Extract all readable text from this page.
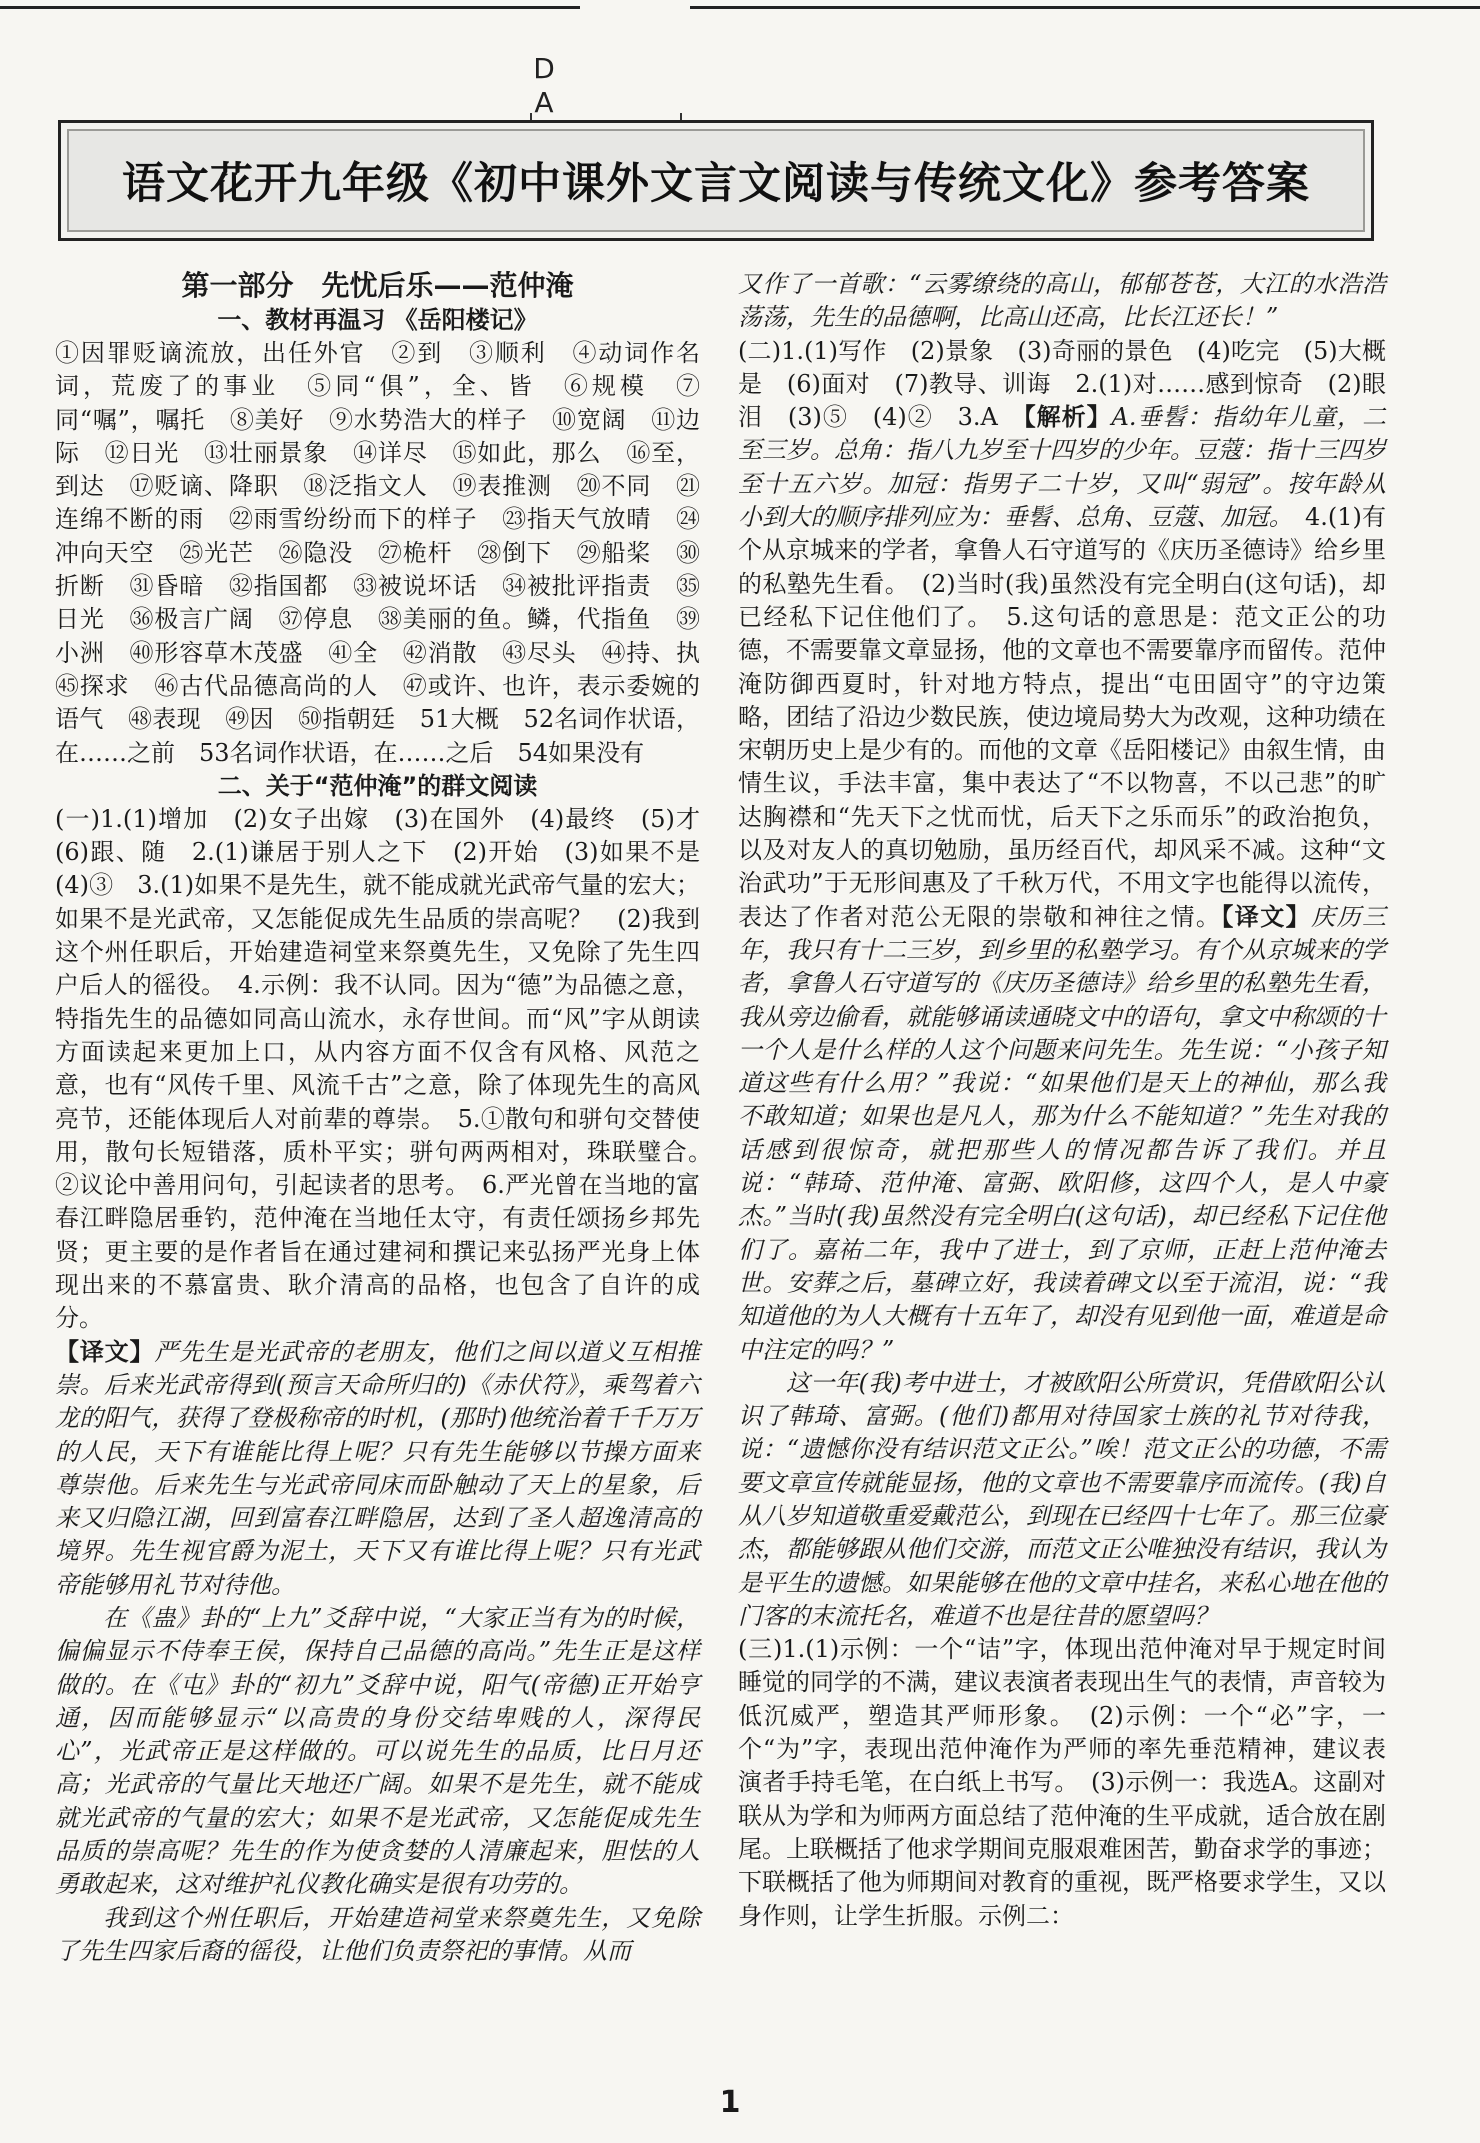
D
A
语文花开九年级《初中课外文言文阅读与传统文化》参考答案

第一部分　先忧后乐——范仲淹

一、教材再温习 《岳阳楼记》

①因罪贬谪流放，出任外官　②到　③顺利　④动词作名词，荒废了的事业　⑤同“俱”，全、皆　⑥规模　⑦同“嘱”，嘱托　⑧美好　⑨水势浩大的样子　⑩宽阔　⑪边际　⑫日光　⑬壮丽景象　⑭详尽　⑮如此，那么　⑯至，到达　⑰贬谪、降职　⑱泛指文人　⑲表推测　⑳不同　㉑连绵不断的雨　㉒雨雪纷纷而下的样子　㉓指天气放晴　㉔冲向天空　㉕光芒　㉖隐没　㉗桅杆　㉘倒下　㉙船桨　㉚折断　㉛昏暗　㉜指国都　㉝被说坏话　㉞被批评指责　㉟日光　㊱极言广阔　㊲停息　㊳美丽的鱼。鳞，代指鱼　㊴小洲　㊵形容草木茂盛　㊶全　㊷消散　㊸尽头　㊹持、执　㊺探求　㊻古代品德高尚的人　㊼或许、也许，表示委婉的语气　㊽表现　㊾因　㊿指朝廷　51大概　52名词作状语，在……之前　53名词作状语，在……之后　54如果没有

二、关于“范仲淹”的群文阅读

(一)1.(1)增加　(2)女子出嫁　(3)在国外　(4)最终　(5)才　(6)跟、随　2.(1)谦居于别人之下　(2)开始　(3)如果不是　(4)③　3.(1)如果不是先生，就不能成就光武帝气量的宏大；如果不是光武帝，又怎能促成先生品质的崇高呢？　(2)我到这个州任职后，开始建造祠堂来祭奠先生，又免除了先生四户后人的徭役。　4.示例：我不认同。因为“德”为品德之意，特指先生的品德如同高山流水，永存世间。而“风”字从朗读方面读起来更加上口，从内容方面不仅含有风格、风范之意，也有“风传千里、风流千古”之意，除了体现先生的高风亮节，还能体现后人对前辈的尊崇。　5.①散句和骈句交替使用，散句长短错落，质朴平实；骈句两两相对，珠联璧合。　②议论中善用问句，引起读者的思考。　6.严光曾在当地的富春江畔隐居垂钓，范仲淹在当地任太守，有责任颂扬乡邦先贤；更主要的是作者旨在通过建祠和撰记来弘扬严光身上体现出来的不慕富贵、耿介清高的品格，也包含了自许的成分。

【译文】严先生是光武帝的老朋友，他们之间以道义互相推崇。后来光武帝得到(预言天命所归的)《赤伏符》，乘驾着六龙的阳气，获得了登极称帝的时机，(那时)他统治着千千万万的人民，天下有谁能比得上呢？只有先生能够以节操方面来尊崇他。后来先生与光武帝同床而卧触动了天上的星象，后来又归隐江湖，回到富春江畔隐居，达到了圣人超逸清高的境界。先生视官爵为泥土，天下又有谁比得上呢？只有光武帝能够用礼节对待他。

在《蛊》卦的“上九”爻辞中说，“大家正当有为的时候，偏偏显示不侍奉王侯，保持自己品德的高尚。”先生正是这样做的。在《屯》卦的“初九”爻辞中说，阳气(帝德)正开始亨通，因而能够显示“以高贵的身份交结卑贱的人，深得民心”，光武帝正是这样做的。可以说先生的品质，比日月还高；光武帝的气量比天地还广阔。如果不是先生，就不能成就光武帝的气量的宏大；如果不是光武帝，又怎能促成先生品质的崇高呢？先生的作为使贪婪的人清廉起来，胆怯的人勇敢起来，这对维护礼仪教化确实是很有功劳的。

我到这个州任职后，开始建造祠堂来祭奠先生，又免除了先生四家后裔的徭役，让他们负责祭祀的事情。从而

又作了一首歌：“云雾缭绕的高山，郁郁苍苍，大江的水浩浩荡荡，先生的品德啊，比高山还高，比长江还长！”

(二)1.(1)写作　(2)景象　(3)奇丽的景色　(4)吃完　(5)大概是　(6)面对　(7)教导、训诲　2.(1)对……感到惊奇　(2)眼泪　(3)⑤　(4)②　3.A　【解析】A.垂髫：指幼年儿童，二至三岁。总角：指八九岁至十四岁的少年。豆蔻：指十三四岁至十五六岁。加冠：指男子二十岁，又叫“弱冠”。按年龄从小到大的顺序排列应为：垂髫、总角、豆蔻、加冠。　4.(1)有个从京城来的学者，拿鲁人石守道写的《庆历圣德诗》给乡里的私塾先生看。　(2)当时(我)虽然没有完全明白(这句话)，却已经私下记住他们了。　5.这句话的意思是：范文正公的功德，不需要靠文章显扬，他的文章也不需要靠序而留传。范仲淹防御西夏时，针对地方特点，提出“屯田固守”的守边策略，团结了沿边少数民族，使边境局势大为改观，这种功绩在宋朝历史上是少有的。而他的文章《岳阳楼记》由叙生情，由情生议，手法丰富，集中表达了“不以物喜，不以己悲”的旷达胸襟和“先天下之忧而忧，后天下之乐而乐”的政治抱负，以及对友人的真切勉励，虽历经百代，却风采不减。这种“文治武功”于无形间惠及了千秋万代，不用文字也能得以流传，表达了作者对范公无限的崇敬和神往之情。【译文】庆历三年，我只有十二三岁，到乡里的私塾学习。有个从京城来的学者，拿鲁人石守道写的《庆历圣德诗》给乡里的私塾先生看，我从旁边偷看，就能够诵读通晓文中的语句，拿文中称颂的十一个人是什么样的人这个问题来问先生。先生说：“小孩子知道这些有什么用？”我说：“如果他们是天上的神仙，那么我不敢知道；如果也是凡人，那为什么不能知道？”先生对我的话感到很惊奇，就把那些人的情况都告诉了我们。并且说：“韩琦、范仲淹、富弼、欧阳修，这四个人，是人中豪杰。”当时(我)虽然没有完全明白(这句话)，却已经私下记住他们了。嘉祐二年，我中了进士，到了京师，正赶上范仲淹去世。安葬之后，墓碑立好，我读着碑文以至于流泪，说：“我知道他的为人大概有十五年了，却没有见到他一面，难道是命中注定的吗？”

这一年(我)考中进士，才被欧阳公所赏识，凭借欧阳公认识了韩琦、富弼。(他们)都用对待国家士族的礼节对待我，说：“遗憾你没有结识范文正公。”唉！范文正公的功德，不需要文章宣传就能显扬，他的文章也不需要靠序而流传。(我)自从八岁知道敬重爱戴范公，到现在已经四十七年了。那三位豪杰，都能够跟从他们交游，而范文正公唯独没有结识，我认为是平生的遗憾。如果能够在他的文章中挂名，来私心地在他的门客的末流托名，难道不也是往昔的愿望吗？

(三)1.(1)示例：一个“诘”字，体现出范仲淹对早于规定时间睡觉的同学的不满，建议表演者表现出生气的表情，声音较为低沉威严，塑造其严师形象。　(2)示例：一个“必”字，一个“为”字，表现出范仲淹作为严师的率先垂范精神，建议表演者手持毛笔，在白纸上书写。　(3)示例一：我选A。这副对联从为学和为师两方面总结了范仲淹的生平成就，适合放在剧尾。上联概括了他求学期间克服艰难困苦，勤奋求学的事迹；下联概括了他为师期间对教育的重视，既严格要求学生，又以身作则，让学生折服。示例二：

1
